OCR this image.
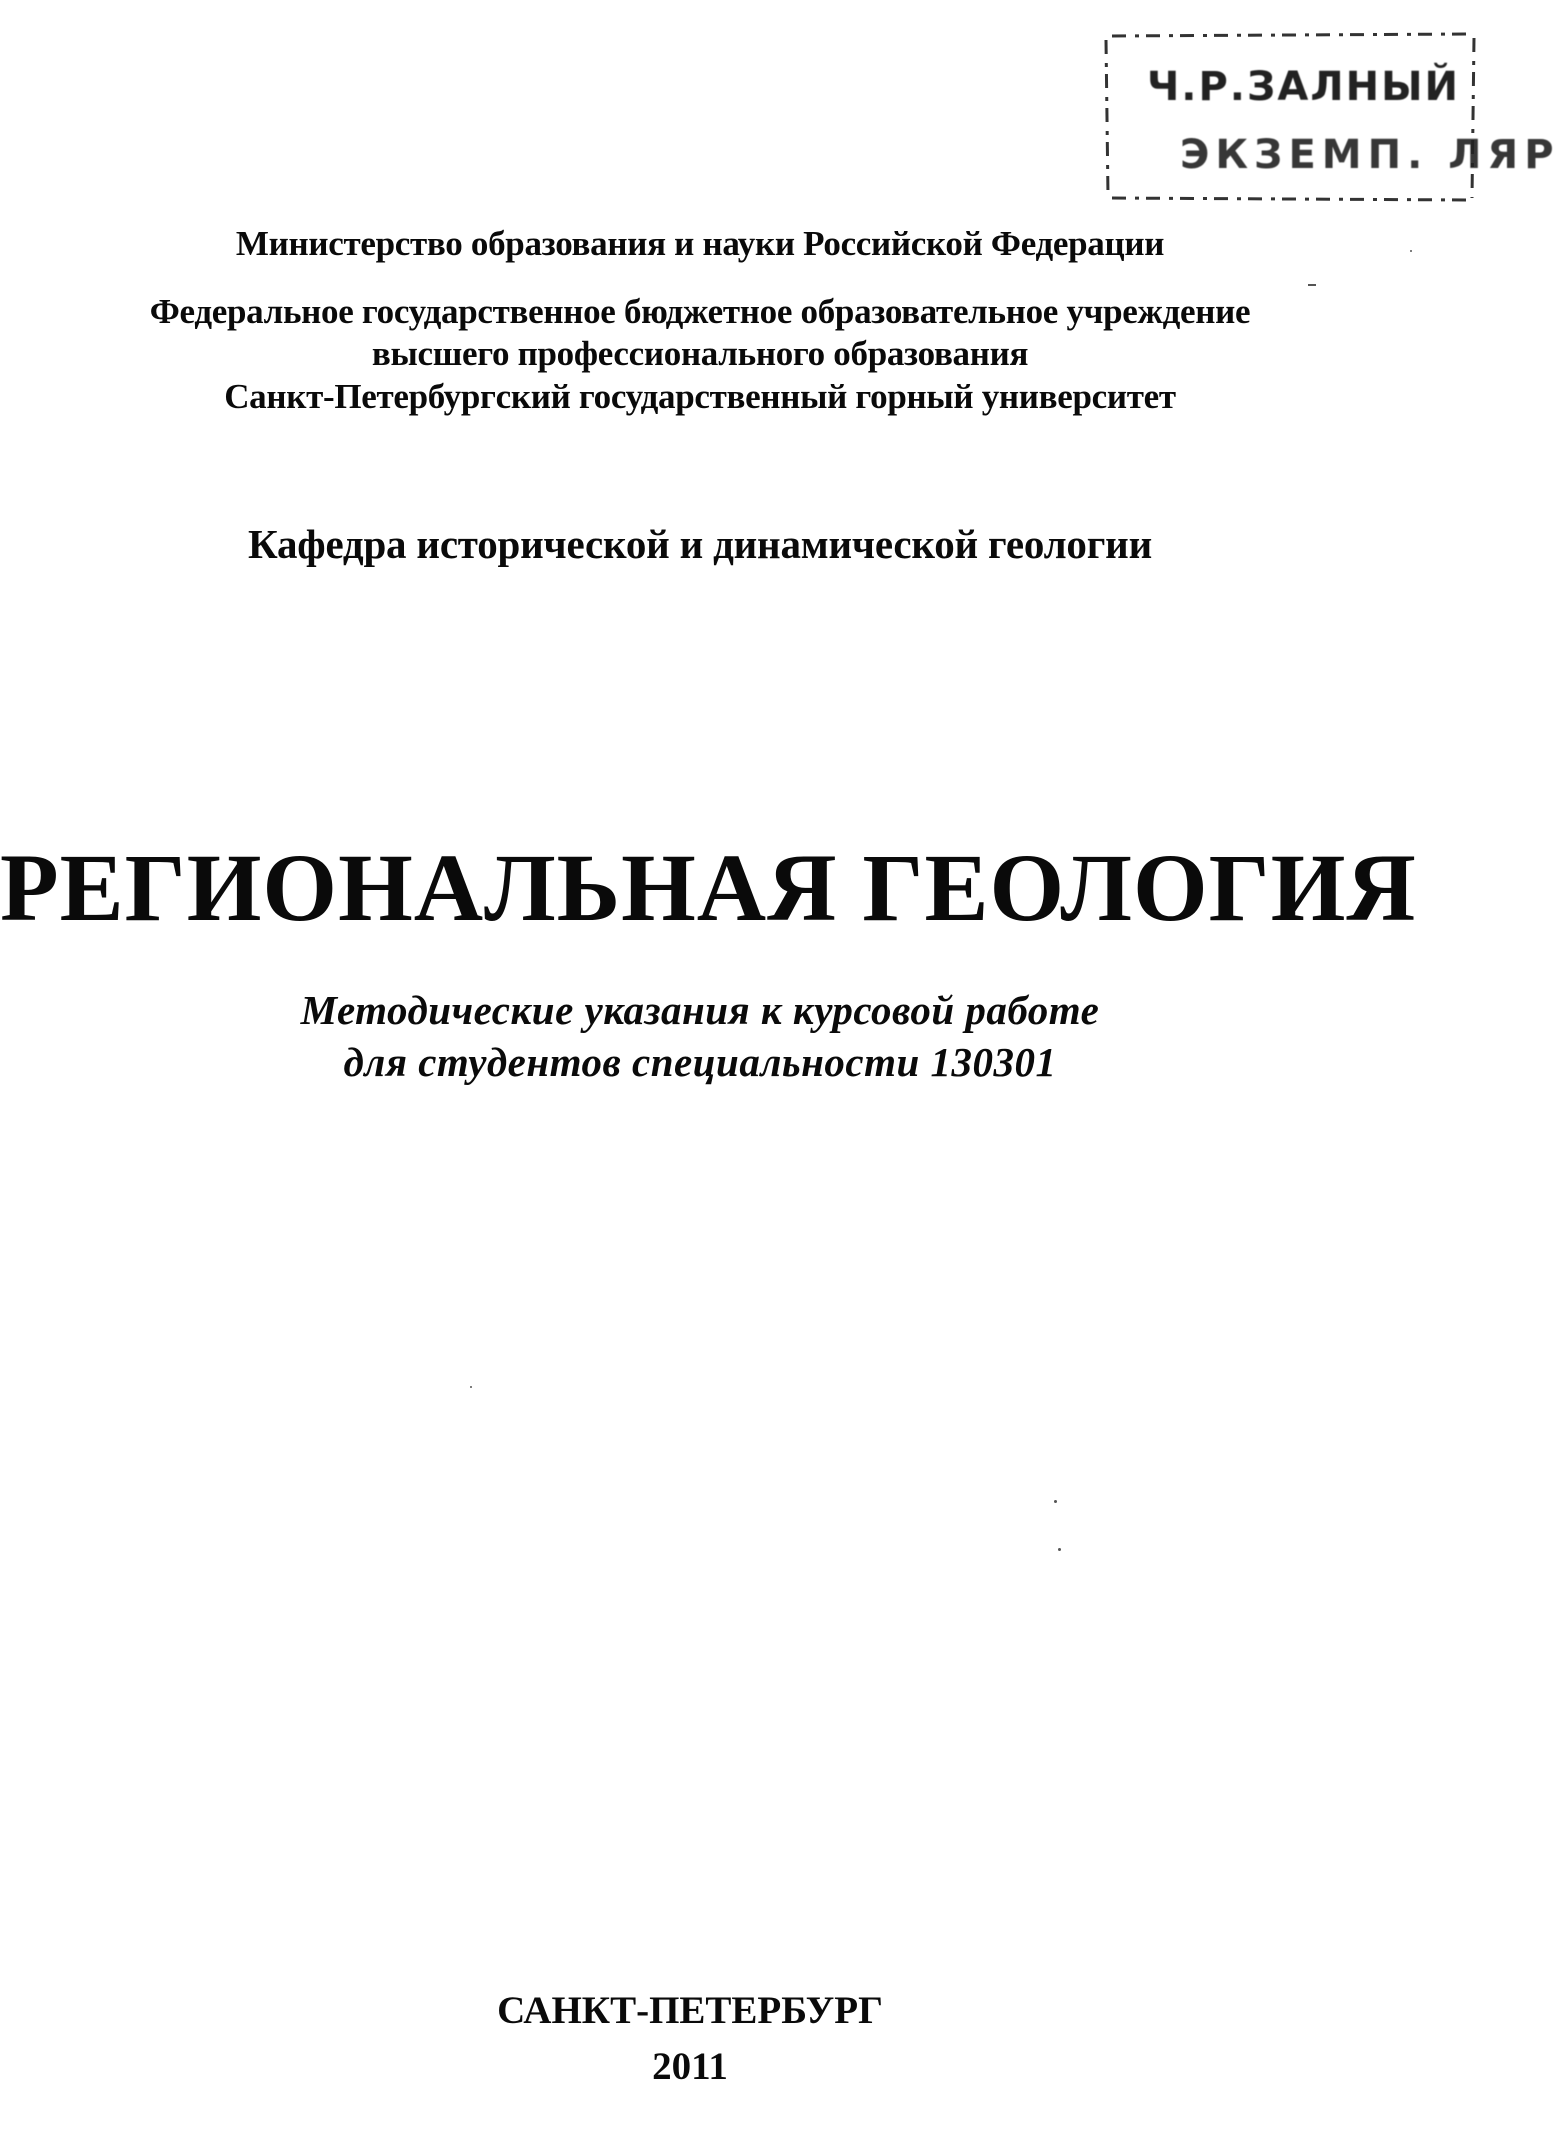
Ч.Р.ЗАЛНЫЙ
ЭКЗЕМП. ЛЯР

Министерство образования и науки Российской Федерации

Федеральное государственное бюджетное образовательное учреждение

высшего профессионального образования

Санкт-Петербургский государственный горный университет

Кафедра исторической и динамической геологии

РЕГИОНАЛЬНАЯ ГЕОЛОГИЯ

Методические указания к курсовой работе

для студентов специальности 130301

САНКТ-ПЕТЕРБУРГ

2011
